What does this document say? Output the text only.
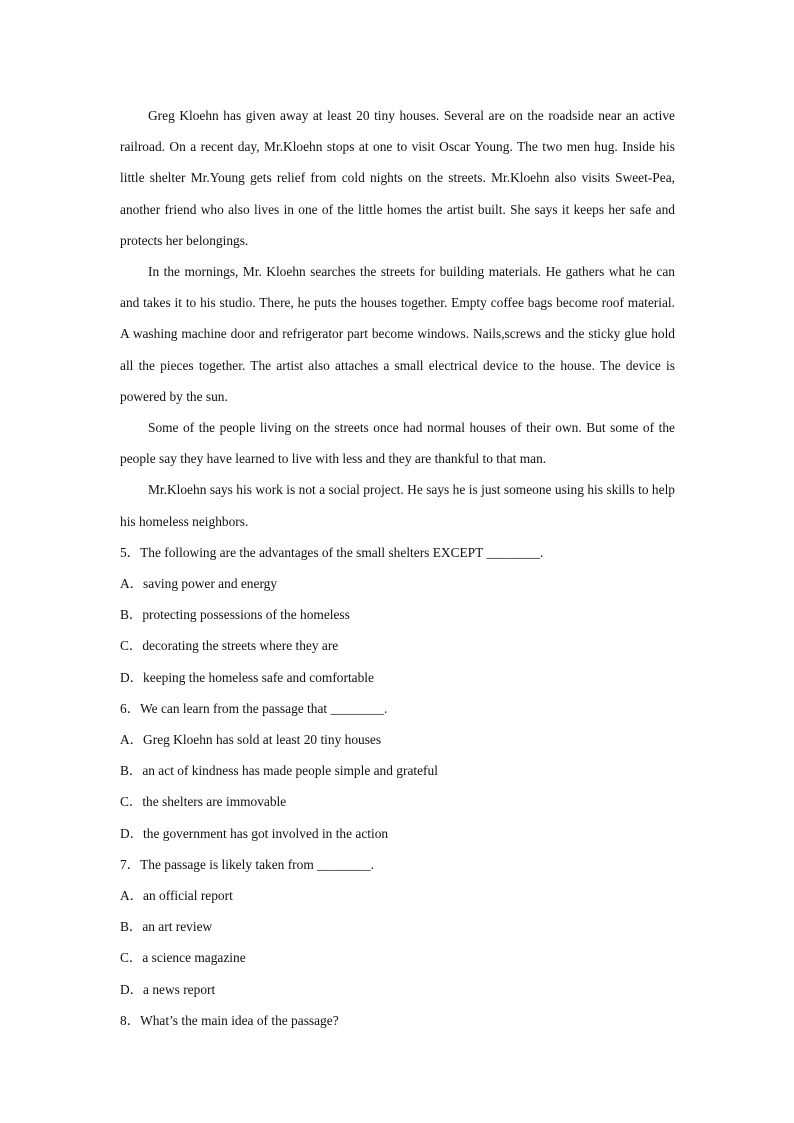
Greg Kloehn has given away at least 20 tiny houses. Several are on the roadside near an active railroad. On a recent day, Mr.Kloehn stops at one to visit Oscar Young. The two men hug. Inside his little shelter Mr.Young gets relief from cold nights on the streets. Mr.Kloehn also visits Sweet-Pea, another friend who also lives in one of the little homes the artist built. She says it keeps her safe and protects her belongings.

In the mornings, Mr. Kloehn searches the streets for building materials. He gathers what he can and takes it to his studio. There, he puts the houses together. Empty coffee bags become roof material. A washing machine door and refrigerator part become windows. Nails,screws and the sticky glue hold all the pieces together. The artist also attaches a small electrical device to the house. The device is powered by the sun.

Some of the people living on the streets once had normal houses of their own. But some of the people say they have learned to live with less and they are thankful to that man.

Mr.Kloehn says his work is not a social project. He says he is just someone using his skills to help his homeless neighbors.

5．The following are the advantages of the small shelters EXCEPT ________.

A．saving power and energy

B．protecting possessions of the homeless

C．decorating the streets where they are

D．keeping the homeless safe and comfortable

6．We can learn from the passage that ________.

A．Greg Kloehn has sold at least 20 tiny houses

B．an act of kindness has made people simple and grateful

C．the shelters are immovable

D．the government has got involved in the action

7．The passage is likely taken from ________.

A．an official report

B．an art review

C．a science magazine

D．a news report

8．What’s the main idea of the passage?
